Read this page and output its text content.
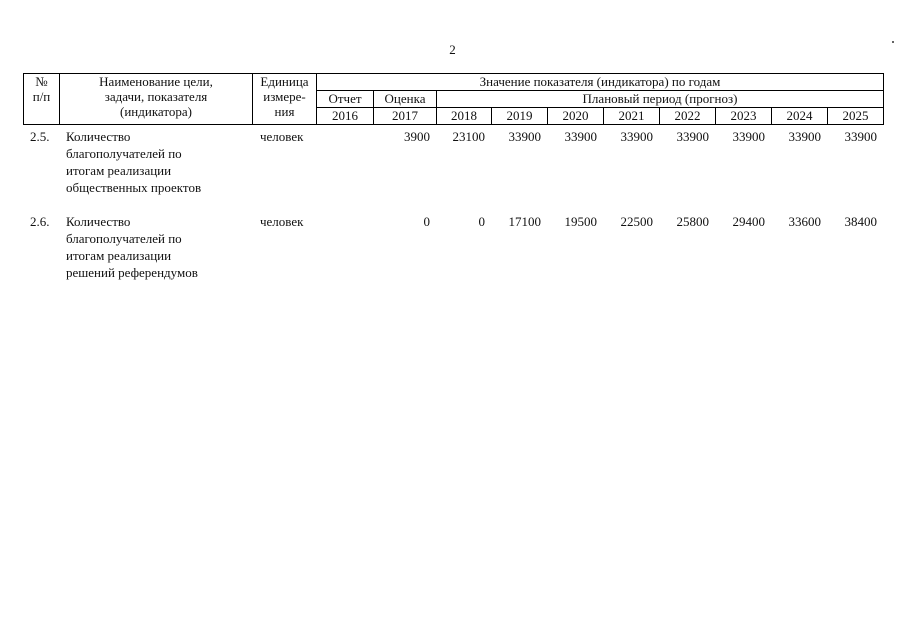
2
№
п/п	Наименование цели,
задачи, показателя
(индикатора)	Единица
измере-
ния	Значение показателя (индикатора) по годам									
			Отчет	Оценка	Плановый период (прогноз)							
			2016	2017	2018	2019	2020	2021	2022	2023	2024	2025
2.5.	Количество
благополучателей по
итогам реализации
общественных проектов	человек		3900	23100	33900	33900	33900	33900	33900	33900	33900
2.6.	Количество
благополучателей по
итогам реализации
решений референдумов	человек		0	0	17100	19500	22500	25800	29400	33600	38400
